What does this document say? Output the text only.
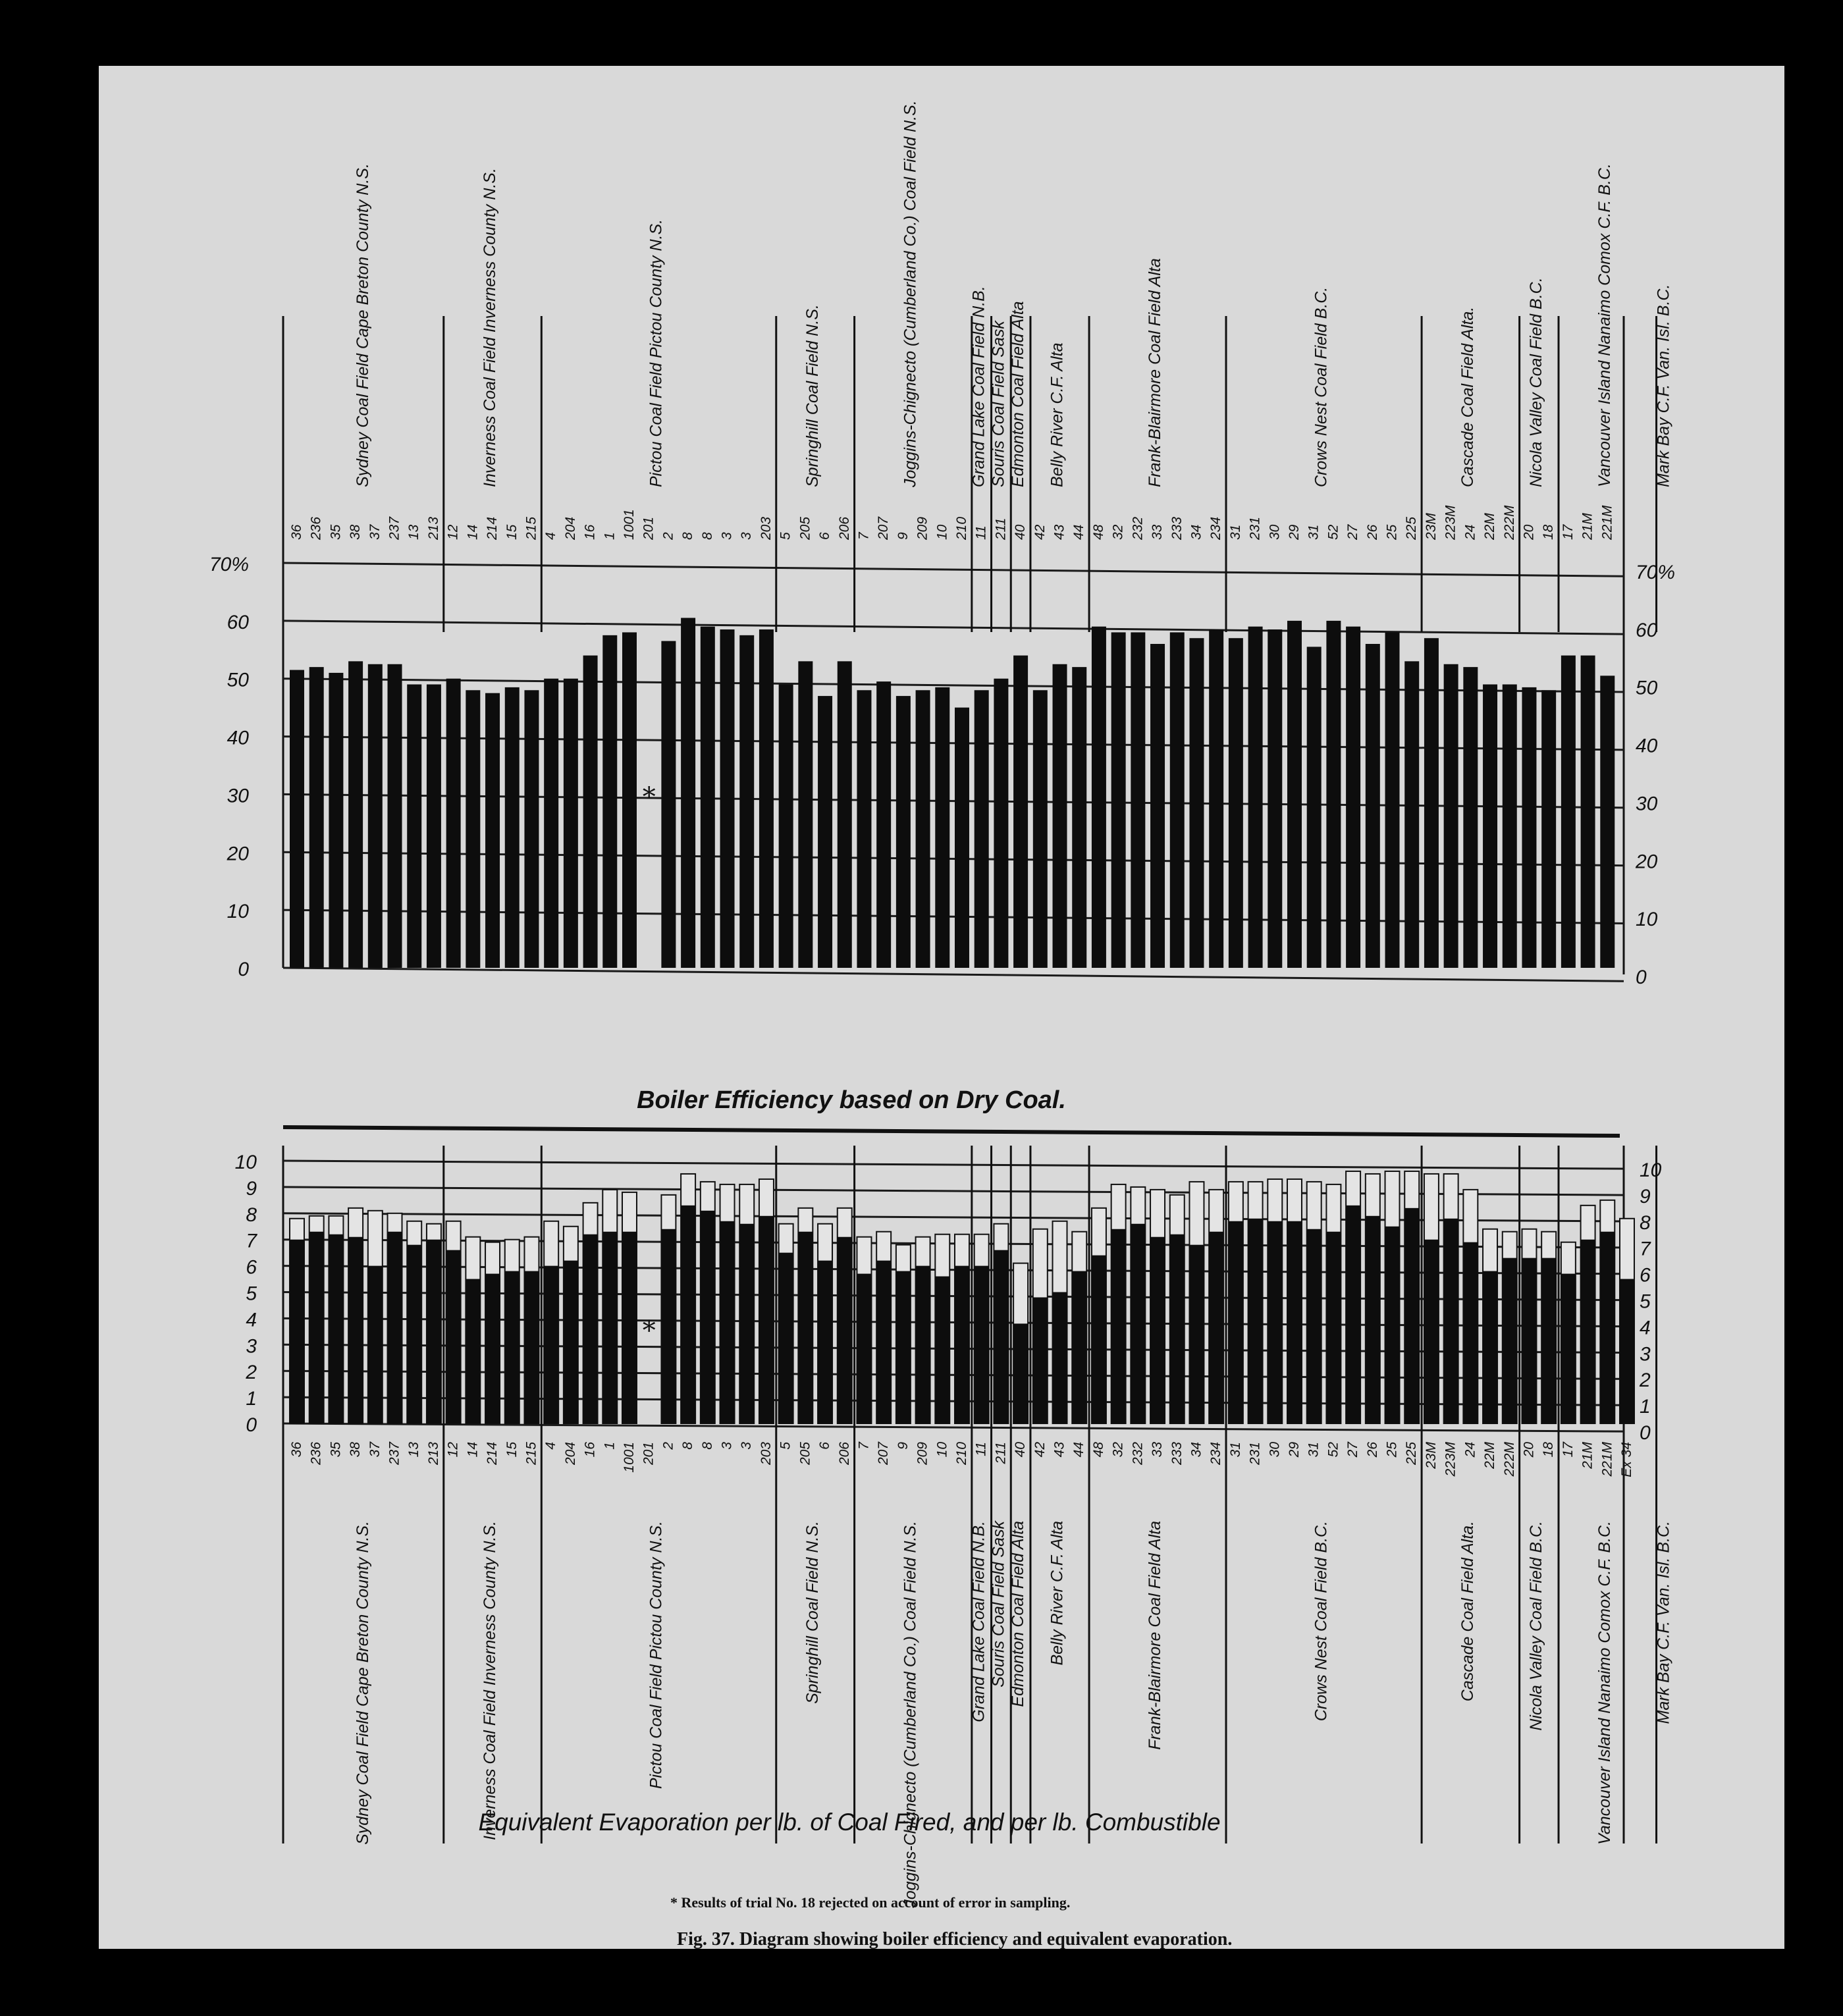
0	0
10	10
20	20
30	30
40	40
50	50
60	60
70%	70%
36 236 35 38 37 237 13 213 12 14 214 15 215 4 204 16 1 1001
*
201 2 8 8 3 3 203 5 205 6 206 7 207 9 209 10 210 11 211 40 42 43 44 48 32 232 33 233 34 234 31 231 30 29 31 52 27 26 25 225 23M 223M 24 22M 222M 20 18 17 21M 221M
Sydney Coal Field Cape Breton County N.S.	Inverness Coal Field Inverness County N.S.	Pictou Coal Field Pictou County N.S.	Springhill Coal Field N.S.	Joggins-Chignecto (Cumberland Co.) Coal Field N.S.	Grand Lake Coal Field N.B. Souris Coal Field Sask Edmonton Coal Field Alta Belly River C.F. Alta	Frank-Blairmore Coal Field Alta	Crows Nest Coal Field B.C.	Cascade Coal Field Alta.	Nicola Valley Coal Field B.C.	Vancouver Island Nanaimo Comox C.F. B.C. Mark Bay C.F. Van. Isl. B.C.
Boiler Efficiency based on Dry Coal.
0	0
1	1
2	2
3	3
4	4
5	5
6	6
7	7
8	8
9	9
10	10
*
36 236 35 38 37 237 13 213 12 14 214 15 215 4 204 16 1 1001 201 2 8 8 3 3 203 5 205 6 206 7 207 9 209 10 210 11 211 40 42 43 44 48 32 232 33 233 34 234 31 231 30 29 31 52 27 26 25 225 23M 223M 24 22M 222M 20 18 17 21M 221M Ex 34
Sydney Coal Field Cape Breton County N.S.	Inverness Coal Field Inverness County N.S.	Pictou Coal Field Pictou County N.S.	Springhill Coal Field N.S.	Joggins-Chignecto (Cumberland Co.) Coal Field N.S.	Grand Lake Coal Field N.B. Souris Coal Field Sask Edmonton Coal Field Alta Belly River C.F. Alta	Frank-Blairmore Coal Field Alta	Crows Nest Coal Field B.C.	Cascade Coal Field Alta.	Nicola Valley Coal Field B.C.	Vancouver Island Nanaimo Comox C.F. B.C. Mark Bay C.F. Van. Isl. B.C.
Equivalent Evaporation per lb. of Coal Fired, and per lb. Combustible
* Results of trial No. 18 rejected on account of error in sampling.
Fig. 37. Diagram showing boiler efficiency and equivalent evaporation.
